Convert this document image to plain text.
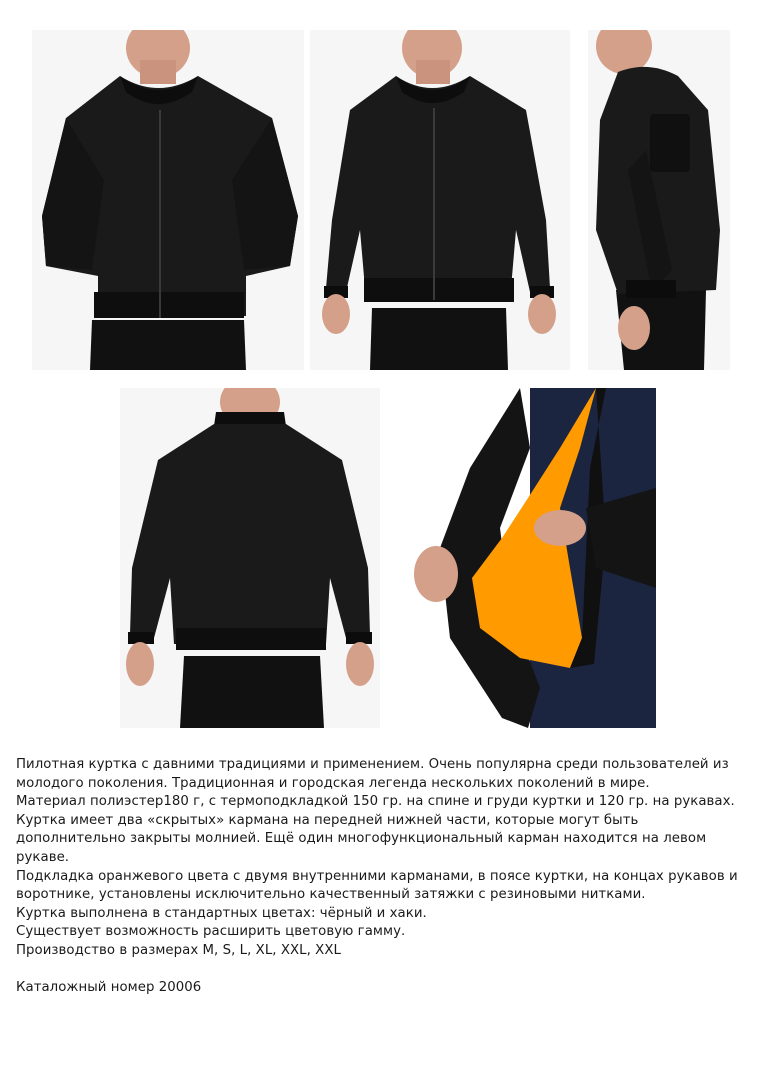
Пилотная куртка с давними традициями и применением. Очень популярна среди пользователей из молодого поколения. Традиционная и городская легенда нескольких поколений в мире.

Материал полиэстер180 г, с термоподкладкой 150 гр. на спине и груди куртки и 120 гр. на рукавах. Куртка имеет два «скрытых» кармана на передней нижней части, которые могут быть дополнительно закрыты молнией. Ещё один многофункциональный карман находится на левом рукаве.

Подкладка оранжевого цвета с двумя внутренними карманами, в поясе куртки, на концах рукавов и воротнике, установлены исключительно качественный затяжки с резиновыми нитками.

Куртка выполнена в стандартных цветах: чёрный и хаки.

Существует возможность расширить цветовую гамму.

Производство в размерах M, S, L, XL, XXL, XXL

Каталожный номер 20006
